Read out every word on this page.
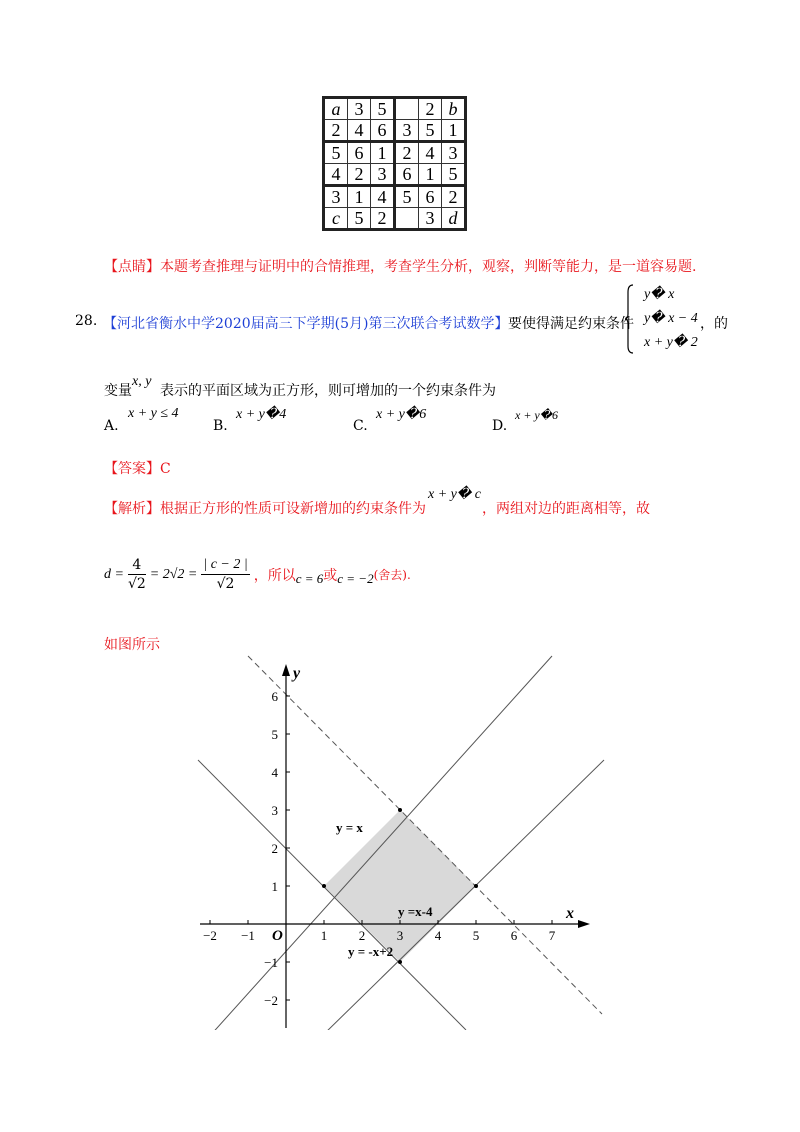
a	3	5		2	b
2	4	6	3	5	1
5	6	1	2	4	3
4	2	3	6	1	5
3	1	4	5	6	2
c	5	2		3	d
【点睛】本题考查推理与证明中的合情推理，考查学生分析，观察，判断等能力，是一道容易题.
28. 【河北省衡水中学2020届高三下学期(5月)第三次联合考试数学】 要使得满足约束条件
y� x
y� x − 4
x + y� 2
，的
x, y
变量 表示的平面区域为正方形，则可增加的一个约束条件为
A.
x + y ≤ 4
B.
x + y�4
C.
x + y�6
D.
x + y�6
【答案】C
【解析】根据正方形的性质可设新增加的约束条件为
x + y� c
，两组对边的距离相等，故
$d = \frac{4}{√2} = 2√2 = \frac{| c - 2 |}{√2}$ ，所以 c = 6 或 c = −2 (舍去).
如图所示
−2 −1	1 2 3 4 5 6 7
−2
−1
1
2
3
4
5
6
x
y
O
y = x
y =x-4
y = -x+2
